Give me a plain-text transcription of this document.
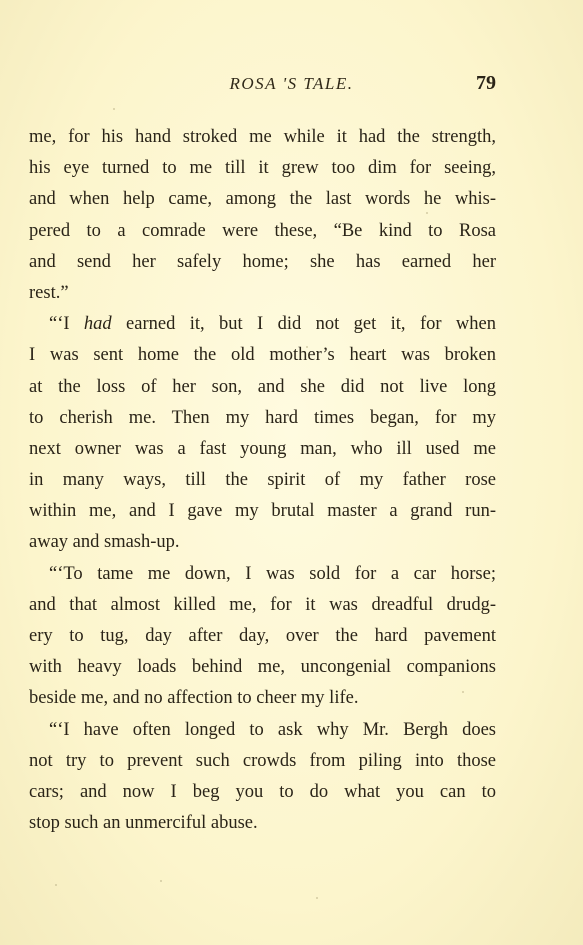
ROSA 'S TALE.	79
me, for his hand stroked me while it had the strength,
his eye turned to me till it grew too dim for seeing,
and when help came, among the last words he whis-
pered to a comrade were these, “Be kind to Rosa
and send her safely home; she has earned her
rest.”
“‘I had earned it, but I did not get it, for when
I was sent home the old mother’s heart was broken
at the loss of her son, and she did not live long
to cherish me. Then my hard times began, for my
next owner was a fast young man, who ill used me
in many ways, till the spirit of my father rose
within me, and I gave my brutal master a grand run-
away and smash-up.
“‘To tame me down, I was sold for a car horse;
and that almost killed me, for it was dreadful drudg-
ery to tug, day after day, over the hard pavement
with heavy loads behind me, uncongenial companions
beside me, and no affection to cheer my life.
“‘I have often longed to ask why Mr. Bergh does
not try to prevent such crowds from piling into those
cars; and now I beg you to do what you can to
stop such an unmerciful abuse.
